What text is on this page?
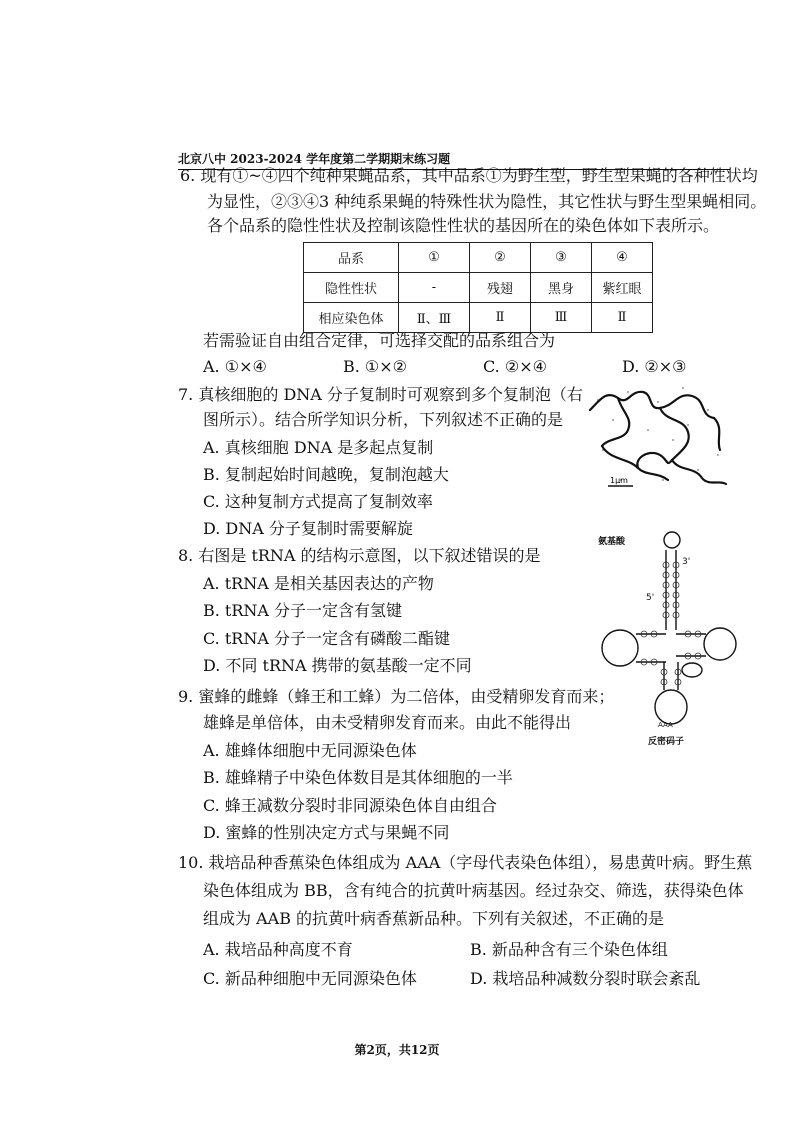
北京八中 2023-2024 学年度第二学期期末练习题
6. 现有①~④四个纯种果蝇品系，其中品系①为野生型，野生型果蝇的各种性状均
为显性，②③④3 种纯系果蝇的特殊性状为隐性，其它性状与野生型果蝇相同。
各个品系的隐性性状及控制该隐性性状的基因所在的染色体如下表所示。
品系	①	②	③	④
隐性性状	-	残翅	黑身	紫红眼
相应染色体	Ⅱ、Ⅲ	Ⅱ	Ⅲ	Ⅱ
若需验证自由组合定律，可选择交配的品系组合为
A. ①×④	B. ①×②	C. ②×④	D. ②×③
7. 真核细胞的 DNA 分子复制时可观察到多个复制泡（右
图所示）。结合所学知识分析，下列叙述不正确的是
A. 真核细胞 DNA 是多起点复制
B. 复制起始时间越晚，复制泡越大
C. 这种复制方式提高了复制效率
D. DNA 分子复制时需要解旋
1μm
8. 右图是 tRNA 的结构示意图，以下叙述错误的是
A. tRNA 是相关基因表达的产物
B. tRNA 分子一定含有氢键
C. tRNA 分子一定含有磷酸二酯键
D. 不同 tRNA 携带的氨基酸一定不同
氨基酸
3'
5'
反密码子
AAA
9. 蜜蜂的雌蜂（蜂王和工蜂）为二倍体，由受精卵发育而来；
雄蜂是单倍体，由未受精卵发育而来。由此不能得出
A. 雄蜂体细胞中无同源染色体
B. 雄蜂精子中染色体数目是其体细胞的一半
C. 蜂王减数分裂时非同源染色体自由组合
D. 蜜蜂的性别决定方式与果蝇不同
10. 栽培品种香蕉染色体组成为 AAA（字母代表染色体组），易患黄叶病。野生蕉
染色体组成为 BB，含有纯合的抗黄叶病基因。经过杂交、筛选，获得染色体
组成为 AAB 的抗黄叶病香蕉新品种。下列有关叙述，不正确的是
A. 栽培品种高度不育	B. 新品种含有三个染色体组
C. 新品种细胞中无同源染色体	D. 栽培品种减数分裂时联会紊乱
第2页，共12页
